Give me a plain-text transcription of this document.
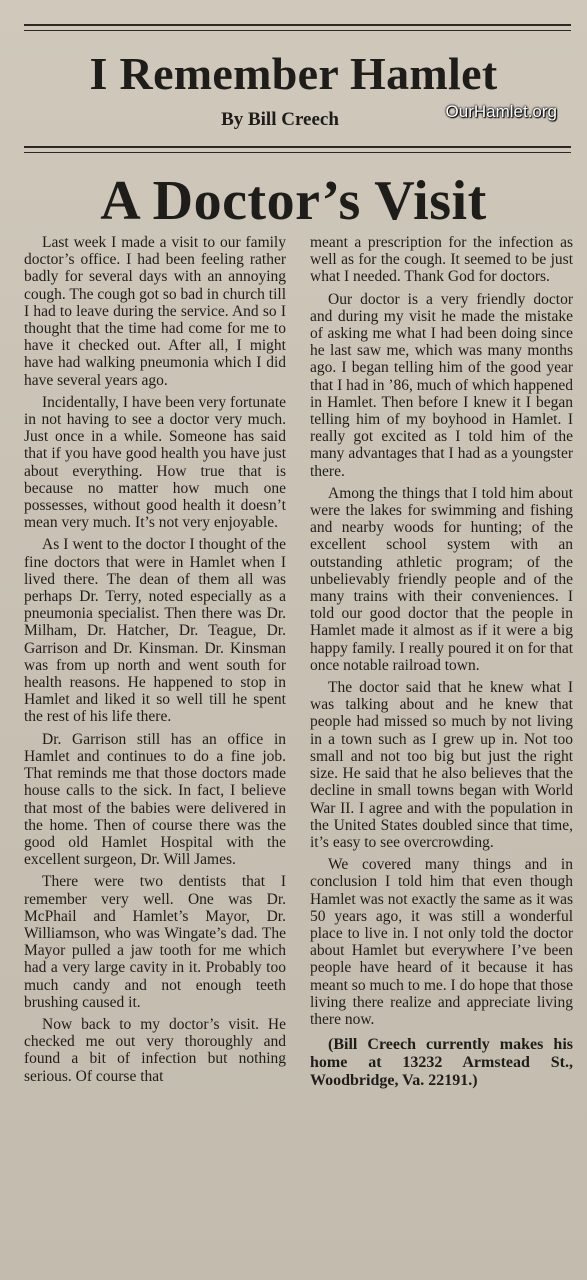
I Remember Hamlet
By Bill Creech	OurHamlet.org
A Doctor’s Visit

Last week I made a visit to our family doctor’s office. I had been feeling rather badly for several days with an annoying cough. The cough got so bad in church till I had to leave during the service. And so I thought that the time had come for me to have it checked out. After all, I might have had walking pneumonia which I did have several years ago.

Incidentally, I have been very fortunate in not having to see a doctor very much. Just once in a while. Someone has said that if you have good health you have just about everything. How true that is because no matter how much one possesses, without good health it doesn’t mean very much. It’s not very enjoyable.

As I went to the doctor I thought of the fine doctors that were in Hamlet when I lived there. The dean of them all was perhaps Dr. Terry, noted especially as a pneumonia specialist. Then there was Dr. Milham, Dr. Hatcher, Dr. Teague, Dr. Garrison and Dr. Kinsman. Dr. Kinsman was from up north and went south for health reasons. He happened to stop in Hamlet and liked it so well till he spent the rest of his life there.

Dr. Garrison still has an office in Hamlet and continues to do a fine job. That reminds me that those doctors made house calls to the sick. In fact, I believe that most of the babies were delivered in the home. Then of course there was the good old Hamlet Hospital with the excellent surgeon, Dr. Will James.

There were two dentists that I remember very well. One was Dr. McPhail and Hamlet’s Mayor, Dr. Williamson, who was Wingate’s dad. The Mayor pulled a jaw tooth for me which had a very large cavity in it. Probably too much candy and not enough teeth brushing caused it.

Now back to my doctor’s visit. He checked me out very thoroughly and found a bit of infection but nothing serious. Of course that

meant a prescription for the infection as well as for the cough. It seemed to be just what I needed. Thank God for doctors.

Our doctor is a very friendly doctor and during my visit he made the mistake of asking me what I had been doing since he last saw me, which was many months ago. I began telling him of the good year that I had in ’86, much of which happened in Hamlet. Then before I knew it I began telling him of my boyhood in Hamlet. I really got excited as I told him of the many advantages that I had as a youngster there.

Among the things that I told him about were the lakes for swimming and fishing and nearby woods for hunting; of the excellent school system with an outstanding athletic program; of the unbelievably friendly people and of the many trains with their conveniences. I told our good doctor that the people in Hamlet made it almost as if it were a big happy family. I really poured it on for that once notable railroad town.

The doctor said that he knew what I was talking about and he knew that people had missed so much by not living in a town such as I grew up in. Not too small and not too big but just the right size. He said that he also believes that the decline in small towns began with World War II. I agree and with the population in the United States doubled since that time, it’s easy to see overcrowding.

We covered many things and in conclusion I told him that even though Hamlet was not exactly the same as it was 50 years ago, it was still a wonderful place to live in. I not only told the doctor about Hamlet but everywhere I’ve been people have heard of it because it has meant so much to me. I do hope that those living there realize and appreciate living there now.

(Bill Creech currently makes his home at 13232 Armstead St., Woodbridge, Va. 22191.)
